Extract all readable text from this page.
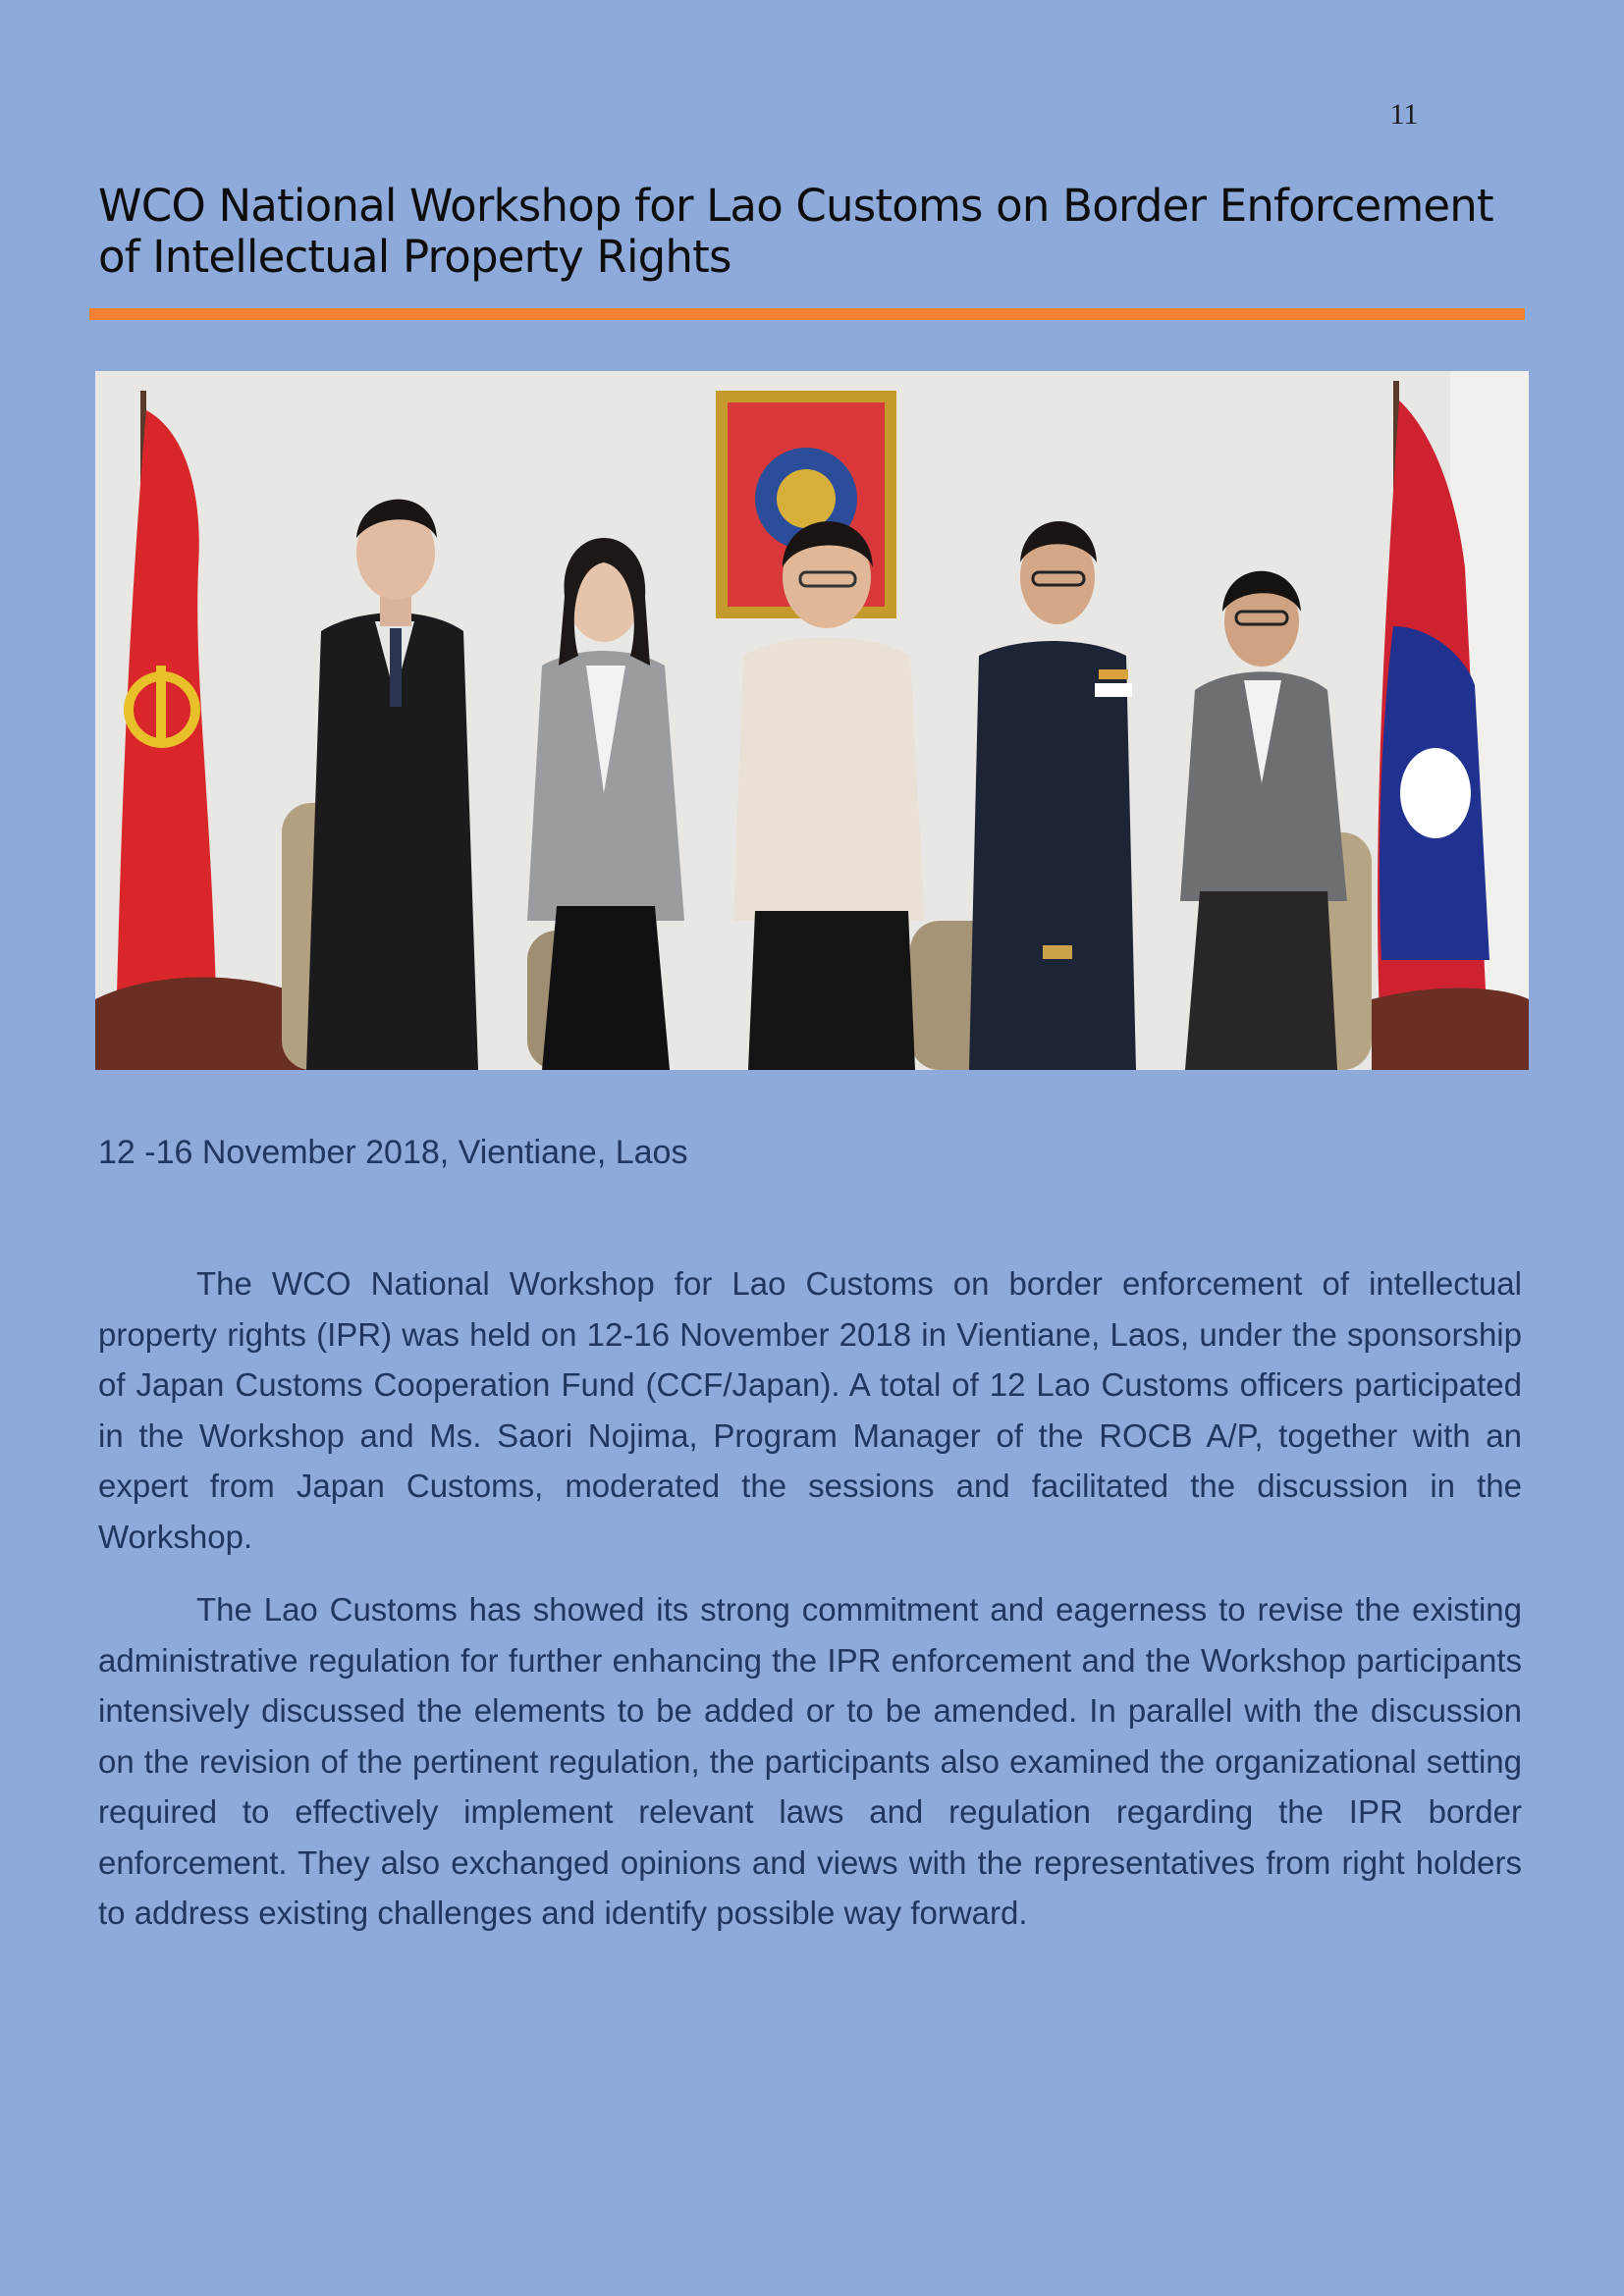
11
WCO National Workshop for Lao Customs on Border Enforcement of Intellectual Property Rights

12 -16 November 2018, Vientiane, Laos

The WCO National Workshop for Lao Customs on border enforcement of intellectual property rights (IPR) was held on 12-16 November 2018 in Vientiane, Laos, under the sponsorship of Japan Customs Cooperation Fund (CCF/Japan). A total of 12 Lao Customs officers participated in the Workshop and Ms. Saori Nojima, Program Manager of the ROCB A/P, together with an expert from Japan Customs, moderated the sessions and facilitated the discussion in the Workshop.

The Lao Customs has showed its strong commitment and eagerness to revise the existing administrative regulation for further enhancing the IPR enforcement and the Workshop participants intensively discussed the elements to be added or to be amended. In parallel with the discussion on the revision of the pertinent regulation, the participants also examined the organizational setting required to effectively implement relevant laws and regulation regarding the IPR border enforcement. They also exchanged opinions and views with the representatives from right holders to address existing challenges and identify possible way forward.
